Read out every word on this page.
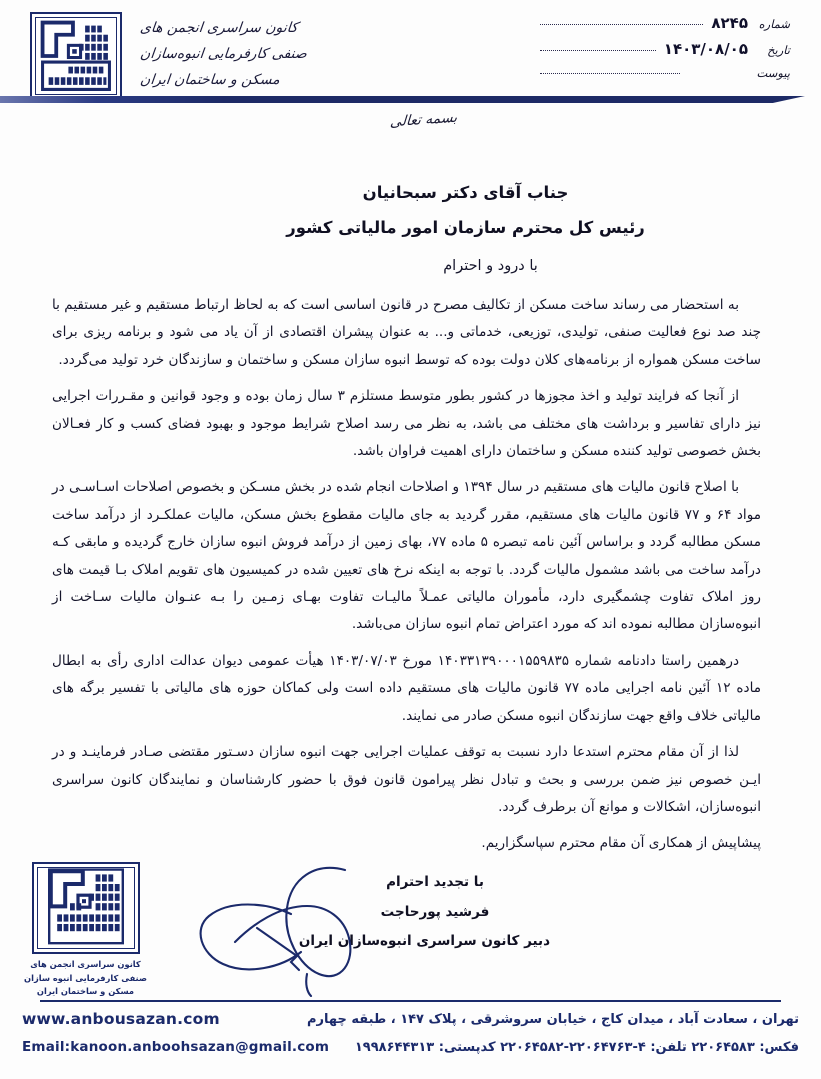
شماره
۸۲۴۵
تاریخ
۱۴۰۳/۰۸/۰۵
پیوست
کانون سراسری انجمن های
صنفی کارفرمایی انبوه‌سازان
مسکن و ساختمان ایران
بسمه تعالی
جناب آقای دکتر سبحانیان
رئیس کل محترم سازمان امور مالیاتی کشور
با درود و احترام

به استحضار می رساند ساخت مسکن از تکالیف مصرح در قانون اساسی است که به لحاظ ارتباط مستقیم و غیر مستقیم با چند صد نوع فعالیت صنفی، تولیدی، توزیعی، خدماتی و... به عنوان پیشران اقتصادی از آن یاد می شود و برنامه ریزی برای ساخت مسکن همواره از برنامه‌های کلان دولت بوده که توسط انبوه سازان مسکن و ساختمان و سازندگان خرد تولید می‌گردد.

از آنجا که فرایند تولید و اخذ مجوزها در کشور بطور متوسط مستلزم ۳ سال زمان بوده و وجود قوانین و مقـررات اجرایی نیز دارای تفاسیر و برداشت های مختلف می باشد، به نظر می رسد اصلاح شرایط موجود و بهبود فضای کسب و کار فعـالان بخش خصوصی تولید کننده مسکن و ساختمان دارای اهمیت فراوان باشد.

با اصلاح قانون مالیات های مستقیم در سال ۱۳۹۴ و اصلاحات انجام شده در بخش مسـکن و بخصوص اصلاحات اسـاسـی در مواد ۶۴ و ۷۷ قانون مالیات های مستقیم، مقرر گردید به جای مالیات مقطوع بخش مسکن، مالیات عملکـرد از درآمد ساخت مسکن مطالبه گردد و براساس آئین نامه تبصره ۵ ماده ۷۷، بهای زمین از درآمد فروش انبوه سازان خارج گردیده و مابقی کـه درآمد ساخت می باشد مشمول مالیات گردد. با توجه به اینکه نرخ های تعیین شده در کمیسیون های تقویم املاک بـا قیمت های روز املاک تفاوت چشمگیری دارد، مأموران مالیاتی عمـلاً مالیـات تفاوت بهـای زمـین را بـه عنـوان مالیات سـاخت از انبوه‌سازان مطالبه نموده اند که مورد اعتراض تمام انبوه سازان می‌باشد.

درهمین راستا دادنامه شماره ۱۴۰۳۳۱۳۹۰۰۰۱۵۵۹۸۳۵ مورخ ۱۴۰۳/۰۷/۰۳ هیأت عمومی دیوان عدالت اداری رأی به ابطال ماده ۱۲ آئین نامه اجرایی ماده ۷۷ قانون مالیات های مستقیم داده است ولی کماکان حوزه های مالیاتی با تفسیر برگه های مالیاتی خلاف واقع جهت سازندگان انبوه مسکن صادر می نمایند.

لذا از آن مقام محترم استدعا دارد نسبت به توقف عملیات اجرایی جهت انبوه سازان دسـتور مقتضی صـادر فرماینـد و در ایـن خصوص نیز ضمن بررسی و بحث و تبادل نظر پیرامون قانون فوق با حضور کارشناسان و نمایندگان کانون سراسری انبوه‌سازان، اشکالات و موانع آن برطرف گردد.

پیشاپیش از همکاری آن مقام محترم سپاسگزاریم.

با تجدید احترام
فرشید پورحاجت
دبیر کانون سراسری انبوه‌سازان ایران
کانون سراسری انجمن های
صنفی کارفرمایی انبوه سازان
مسکن و ساختمان ایران
تهران ، سعادت آباد ، میدان کاج ، خیابان سروشرقی ، پلاک ۱۴۷ ، طبقه چهارم
www.anbousazan.com
فکس: ۲۲۰۶۴۵۸۳ تلفن: ۴-۲۲۰۶۴۷۶۳-۲۲۰۶۴۵۸۲ کدپستی: ۱۹۹۸۶۴۴۳۱۳
Email:kanoon.anboohsazan@gmail.com
